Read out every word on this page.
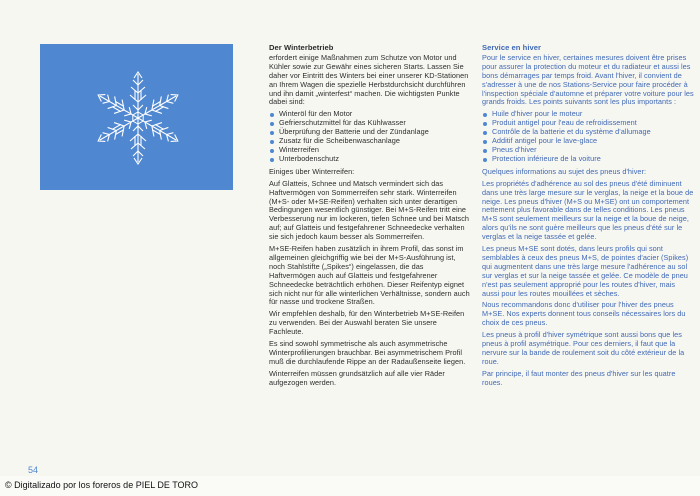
Der Winterbetrieb

erfordert einige Maßnahmen zum Schutze von Motor und Kühler sowie zur Gewähr eines sicheren Starts. Lassen Sie daher vor Eintritt des Winters bei einer unserer KD-Stationen an Ihrem Wagen die spezielle Herbstdurchsicht durchführen und ihn damit „winterfest“ machen. Die wichtigsten Punkte dabei sind:

Winteröl für den Motor
Gefrierschutzmittel für das Kühlwasser
Überprüfung der Batterie und der Zündanlage
Zusatz für die Scheibenwaschanlage
Winterreifen
Unterbodenschutz

Einiges über Winterreifen:

Auf Glatteis, Schnee und Matsch vermindert sich das Haftvermögen von Sommerreifen sehr stark. Winterreifen (M+S- oder M+SE-Reifen) verhalten sich unter derartigen Bedingungen wesentlich günstiger. Bei M+S-Reifen tritt eine Verbesserung nur im lockeren, tiefen Schnee und bei Matsch auf; auf Glatteis und festgefahrener Schneedecke verhalten sie sich jedoch kaum besser als Sommerreifen.

M+SE-Reifen haben zusätzlich in ihrem Profil, das sonst im allgemeinen gleichgriffig wie bei der M+S-Ausführung ist, noch Stahlstifte („Spikes“) eingelassen, die das Haftvermögen auch auf Glatteis und festgefahrener Schneedecke beträchtlich erhöhen. Dieser Reifentyp eignet sich nicht nur für alle winterlichen Verhältnisse, sondern auch für nasse und trockene Straßen.

Wir empfehlen deshalb, für den Winterbetrieb M+SE-Reifen zu verwenden. Bei der Auswahl beraten Sie unsere Fachleute.

Es sind sowohl symmetrische als auch asymmetrische Winterprofilierungen brauchbar. Bei asymmetrischem Profil muß die durchlaufende Rippe an der Radaußenseite liegen.

Winterreifen müssen grundsätzlich auf alle vier Räder aufgezogen werden.

Service en hiver

Pour le service en hiver, certaines mesures doivent être prises pour assurer la protection du moteur et du radiateur et aussi les bons démarrages par temps froid. Avant l'hiver, il convient de s'adresser à une de nos Stations-Service pour faire procéder à l'inspection spéciale d'automne et préparer votre voiture pour les grands froids. Les points suivants sont les plus importants :

Huile d'hiver pour le moteur
Produit antigel pour l'eau de refroidissement
Contrôle de la batterie et du système d'allumage
Additif antigel pour le lave-glace
Pneus d'hiver
Protection inférieure de la voiture

Quelques informations au sujet des pneus d'hiver:

Les propriétés d'adhérence au sol des pneus d'été diminuent dans une très large mesure sur le verglas, la neige et la boue de neige. Les pneus d'hiver (M+S ou M+SE) ont un comportement nettement plus favorable dans de telles conditions. Les pneus M+S sont seulement meilleurs sur la neige et la boue de neige, alors qu'ils ne sont guère meilleurs que les pneus d'été sur le verglas et la neige tassée et gelée.

Les pneus M+SE sont dotés, dans leurs profils qui sont semblables à ceux des pneus M+S, de pointes d'acier (Spikes) qui augmentent dans une très large mesure l'adhérence au sol sur verglas et sur la neige tassée et gelée. Ce modèle de pneu n'est pas seulement approprié pour les routes d'hiver, mais aussi pour les routes mouillées et sèches.

Nous recommandons donc d'utiliser pour l'hiver des pneus M+SE. Nos experts donnent tous conseils nécessaires lors du choix de ces pneus.

Les pneus à profil d'hiver symétrique sont aussi bons que les pneus à profil asymétrique. Pour ces derniers, il faut que la nervure sur la bande de roulement soit du côté extérieur de la roue.

Par principe, il faut monter des pneus d'hiver sur les quatre roues.

54
© Digitalizado por los foreros de PIEL DE TORO
